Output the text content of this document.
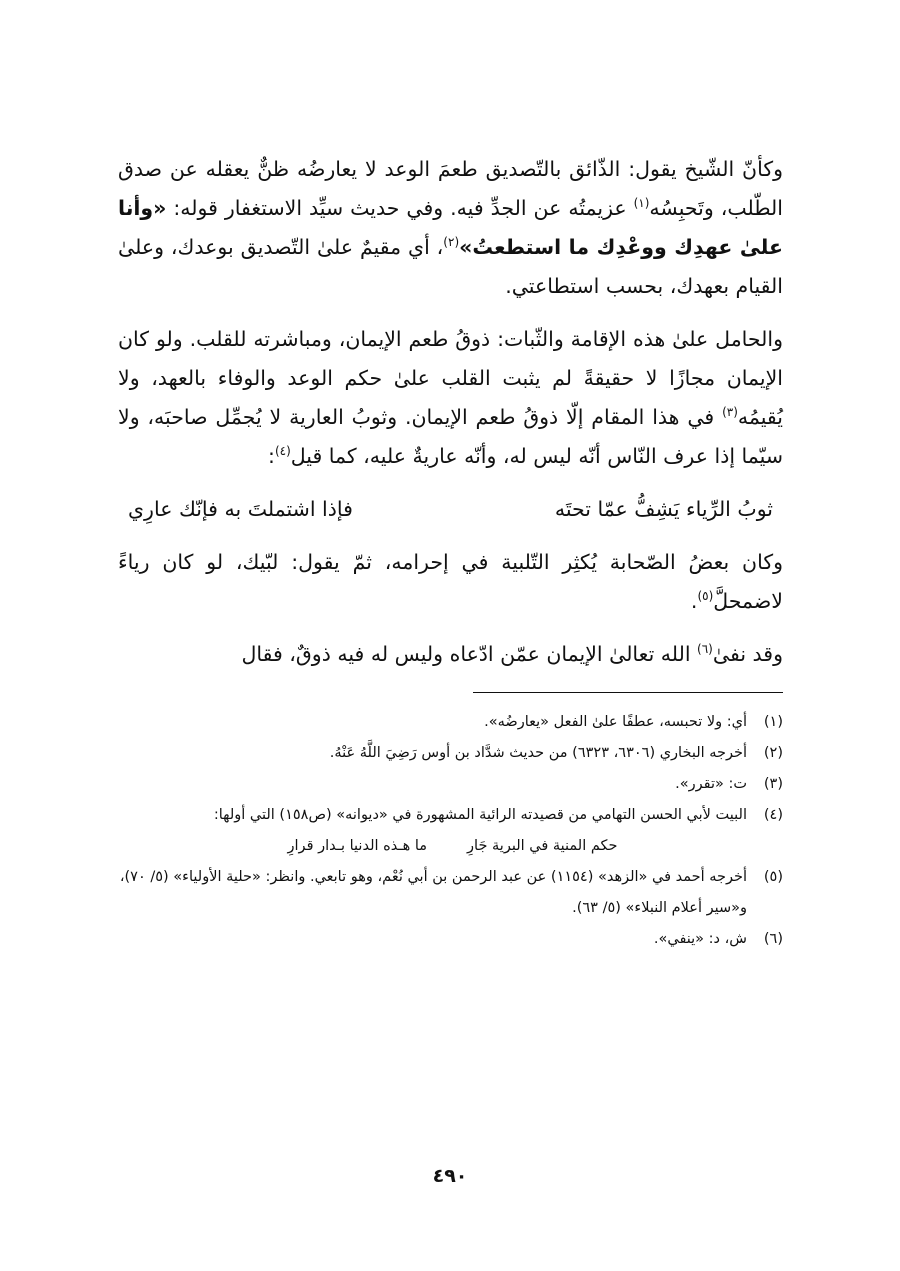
وكأنّ الشّيخ يقول: الذّائق بالتّصديق طعمَ الوعد لا يعارضُه ظنٌّ يعقله عن صدق الطّلب، وتَحبِسُه$^{(١)}$ عزيمتُه عن الجدِّ فيه. وفي حديث سيِّد الاستغفار قوله: «وأنا علىٰ عهدِك ووعْدِك ما استطعتُ»$^{(٢)}$، أي مقيمٌ علىٰ التّصديق بوعدك، وعلىٰ القيام بعهدك، بحسب استطاعتي.

والحامل علىٰ هذه الإقامة والثّبات: ذوقُ طعم الإيمان، ومباشرته للقلب. ولو كان الإيمان مجازًا لا حقيقةً لم يثبت القلب علىٰ حكم الوعد والوفاء بالعهد، ولا يُقيمُه$^{(٣)}$ في هذا المقام إلّا ذوقُ طعم الإيمان. وثوبُ العارية لا يُجمِّل صاحبَه، ولا سيّما إذا عرف النّاس أنّه ليس له، وأنّه عاريةٌ عليه، كما قيل$^{(٤)}$:

ثوبُ الرِّياء يَشِفُّ عمّا تحتَه
فإذا اشتملتَ به فإنّك عارِي

وكان بعضُ الصّحابة يُكثِر التّلبية في إحرامه، ثمّ يقول: لبّيك، لو كان رياءً لاضمحلَّ$^{(٥)}$.

وقد نفىٰ$^{(٦)}$ الله تعالىٰ الإيمان عمّن ادّعاه وليس له فيه ذوقٌ، فقال

(١)
أي: ولا تحبسه، عطفًا علىٰ الفعل «يعارضُه».
(٢)
أخرجه البخاري (٦٣٠٦، ٦٣٢٣) من حديث شدَّاد بن أوس رَضِيَ اللَّهُ عَنْهُ.
(٣)
ت: «تقرر».
(٤)
البيت لأبي الحسن التهامي من قصيدته الرائية المشهورة في «ديوانه» (ص١٥٨) التي أولها:
حكم المنية في البرية جَارِ
ما هـذه الدنيا بـدار قرارِ
(٥)
أخرجه أحمد في «الزهد» (١١٥٤) عن عبد الرحمن بن أبي نُعْم، وهو تابعي. وانظر: «حلية الأولياء» (٥/ ٧٠)، و«سير أعلام النبلاء» (٥/ ٦٣).
(٦)
ش، د: «ينفي».
٤٩٠
